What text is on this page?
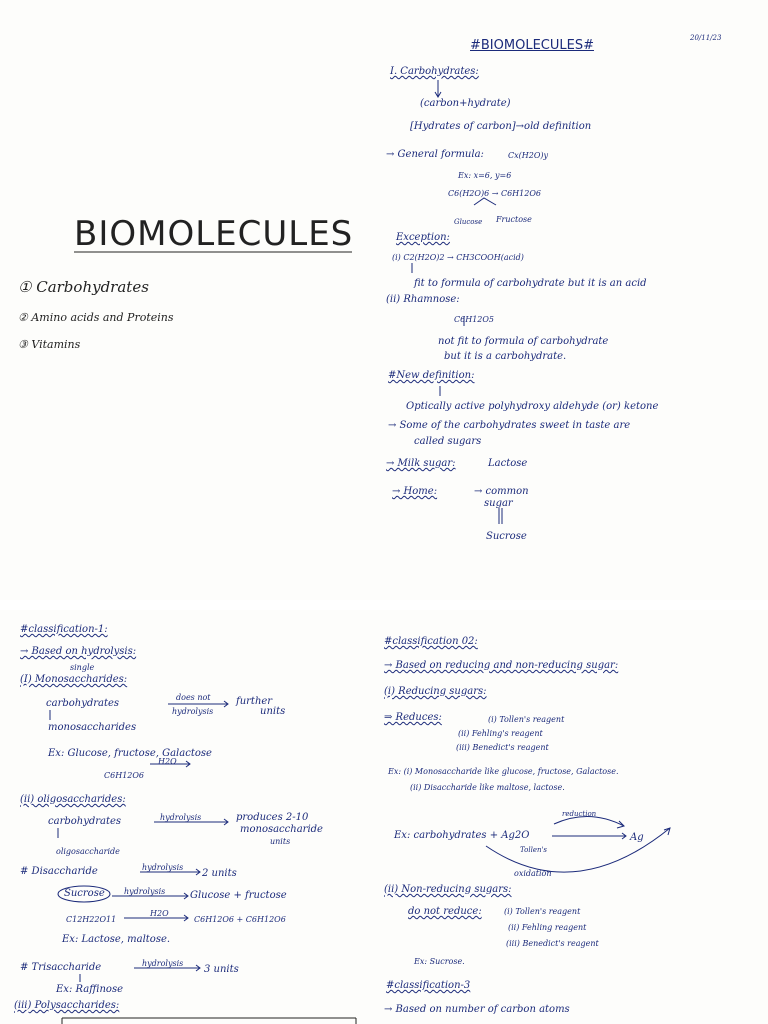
BIOMOLECULES
① Carbohydrates
② Amino acids and Proteins
③ Vitamins
20/11/23
#BIOMOLECULES#
I. Carbohydrates:
(carbon+hydrate)
[Hydrates of carbon]→old definition
→ General formula:	Cx(H2O)y
Ex: x=6, y=6
C6(H2O)6 → C6H12O6
Glucose Fructose
Exception:
(i) C2(H2O)2 → CH3COOH(acid)
fit to formula of carbohydrate but it is an acid
(ii) Rhamnose:
C6H12O5
not fit to formula of carbohydrate
but it is a carbohydrate.
#New definition:
Optically active polyhydroxy aldehyde (or) ketone
→ Some of the carbohydrates sweet in taste are
called sugars
→ Milk sugar:	Lactose
→ Home:	→ common
sugar
Sucrose
#classification-1:
→ Based on hydrolysis:
single
(I) Monosaccharides:
carbohydrates
does not
hydrolysis
further
units
monosaccharides
Ex: Glucose, fructose, Galactose
C6H12O6
H2O
(ii) oligosaccharides:
carbohydrates	hydrolysis	produces 2-10
monosaccharide
units
oligosaccharide
# Disaccharide	hydrolysis
2 units
Sucrose hydrolysis Glucose + fructose
C12H22O11
H2O
C6H12O6 + C6H12O6
Ex: Lactose, maltose.
# Trisaccharide	hydrolysis
3 units
Ex: Raffinose
(iii) Polysaccharides:
#classification 02:
→ Based on reducing and non-reducing sugar:
(i) Reducing sugars:
⇒ Reduces:	(i) Tollen's reagent
(ii) Fehling's reagent
(iii) Benedict's reagent
Ex: (i) Monosaccharide like glucose, fructose, Galactose.
(ii) Disaccharide like maltose, lactose.
Ex: carbohydrates + Ag2O
reduction
Tollen's
Ag
oxidation
(ii) Non-reducing sugars:
do not reduce:	(i) Tollen's reagent
(ii) Fehling reagent
(iii) Benedict's reagent
Ex: Sucrose.
#classification-3
→ Based on number of carbon atoms
